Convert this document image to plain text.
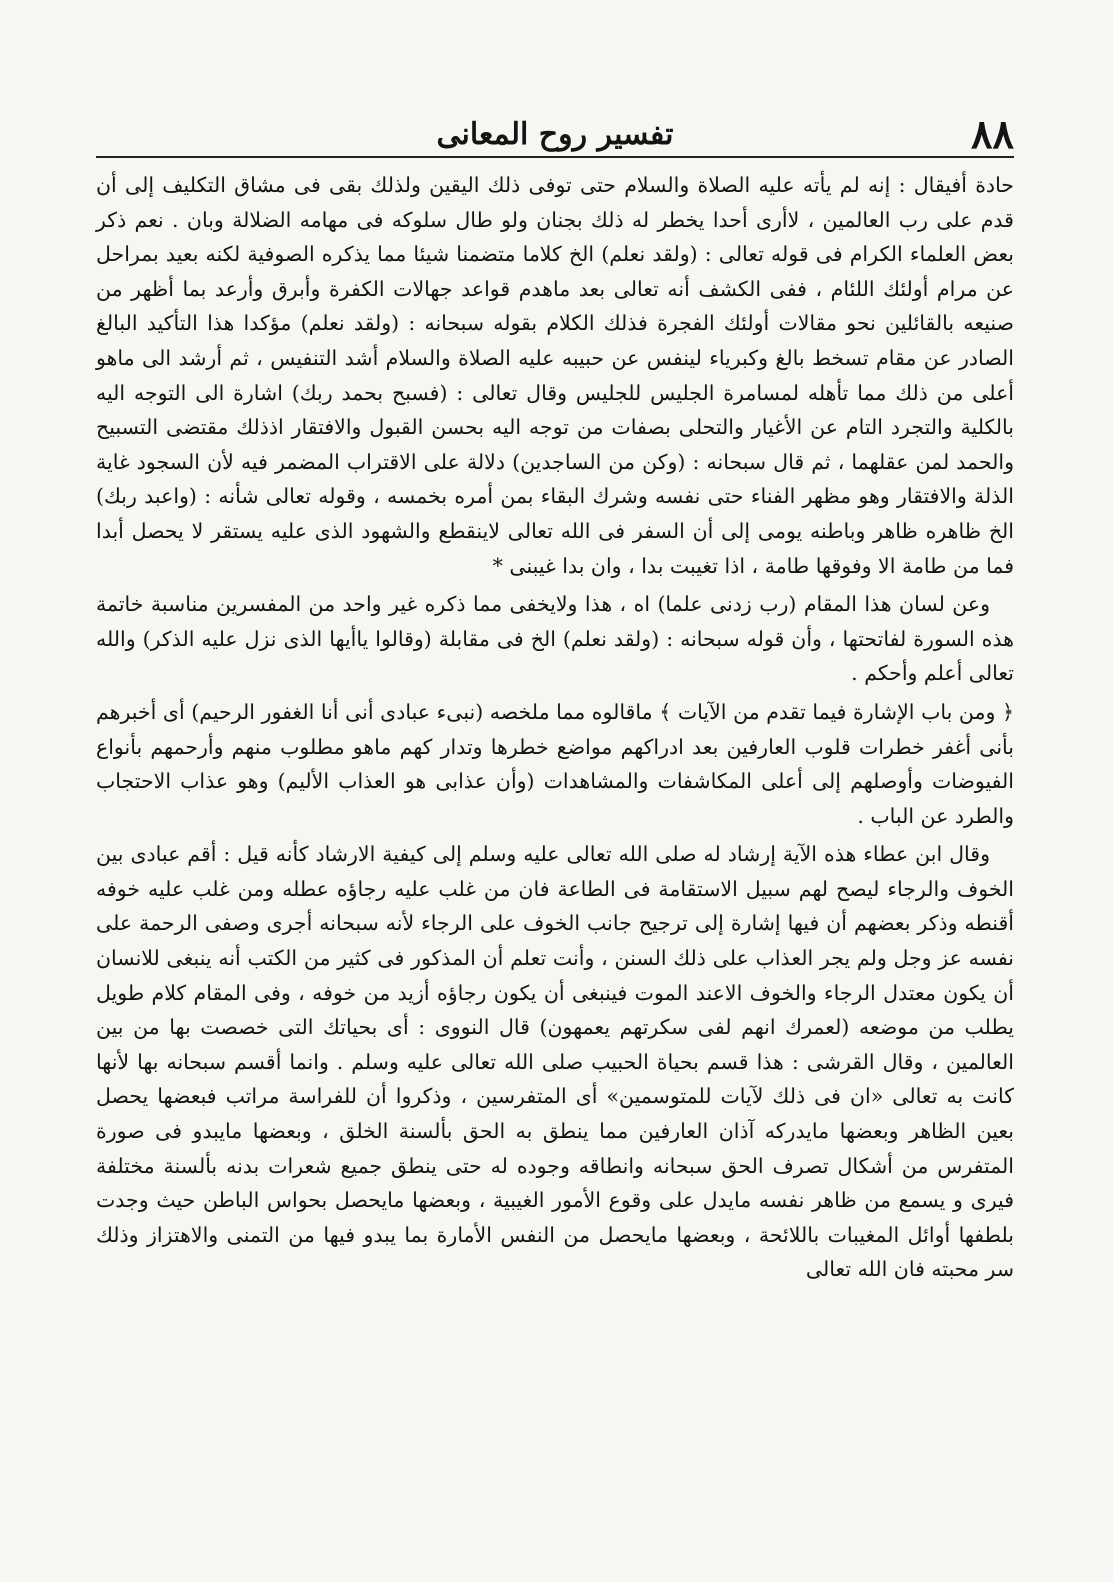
٨٨
تفسير روح المعانى

حادة أفيقال : إنه لم يأته عليه الصلاة والسلام حتى توفى ذلك اليقين ولذلك بقى فى مشاق التكليف إلى أن قدم على رب العالمين ، لاأرى أحدا يخطر له ذلك بجنان ولو طال سلوكه فى مهامه الضلالة وبان . نعم ذكر بعض العلماء الكرام فى قوله تعالى : (ولقد نعلم) الخ كلاما متضمنا شيئا مما يذكره الصوفية لكنه بعيد بمراحل عن مرام أولئك اللئام ، ففى الكشف أنه تعالى بعد ماهدم قواعد جهالات الكفرة وأبرق وأرعد بما أظهر من صنيعه بالقائلين نحو مقالات أولئك الفجرة فذلك الكلام بقوله سبحانه : (ولقد نعلم) مؤكدا هذا التأكيد البالغ الصادر عن مقام تسخط بالغ وكبرياء لينفس عن حبيبه عليه الصلاة والسلام أشد التنفيس ، ثم أرشد الى ماهو أعلى من ذلك مما تأهله لمسامرة الجليس للجليس وقال تعالى : (فسبح بحمد ربك) اشارة الى التوجه اليه بالكلية والتجرد التام عن الأغيار والتحلى بصفات من توجه اليه بحسن القبول والافتقار اذذلك مقتضى التسبيح والحمد لمن عقلهما ، ثم قال سبحانه : (وكن من الساجدين) دلالة على الاقتراب المضمر فيه لأن السجود غاية الذلة والافتقار وهو مظهر الفناء حتى نفسه وشرك البقاء بمن أمره بخمسه ، وقوله تعالى شأنه : (واعبد ربك) الخ ظاهره ظاهر وباطنه يومى إلى أن السفر فى الله تعالى لاينقطع والشهود الذى عليه يستقر لا يحصل أبدا فما من طامة الا وفوقها طامة ، اذا تغيبت بدا ، وان بدا غيبنى *

وعن لسان هذا المقام (رب زدنى علما) اه ، هذا ولايخفى مما ذكره غير واحد من المفسرين مناسبة خاتمة هذه السورة لفاتحتها ، وأن قوله سبحانه : (ولقد نعلم) الخ فى مقابلة (وقالوا ياأيها الذى نزل عليه الذكر) والله تعالى أعلم وأحكم .

﴿ ومن باب الإشارة فيما تقدم من الآيات ﴾ ماقالوه مما ملخصه (نبىء عبادى أنى أنا الغفور الرحيم) أى أخبرهم بأنى أغفر خطرات قلوب العارفين بعد ادراكهم مواضع خطرها وتدار كهم ماهو مطلوب منهم وأرحمهم بأنواع الفيوضات وأوصلهم إلى أعلى المكاشفات والمشاهدات (وأن عذابى هو العذاب الأليم) وهو عذاب الاحتجاب والطرد عن الباب .

وقال ابن عطاء هذه الآية إرشاد له صلى الله تعالى عليه وسلم إلى كيفية الارشاد كأنه قيل : أقم عبادى بين الخوف والرجاء ليصح لهم سبيل الاستقامة فى الطاعة فان من غلب عليه رجاؤه عطله ومن غلب عليه خوفه أقنطه وذكر بعضهم أن فيها إشارة إلى ترجيح جانب الخوف على الرجاء لأنه سبحانه أجرى وصفى الرحمة على نفسه عز وجل ولم يجر العذاب على ذلك السنن ، وأنت تعلم أن المذكور فى كثير من الكتب أنه ينبغى للانسان أن يكون معتدل الرجاء والخوف الاعند الموت فينبغى أن يكون رجاؤه أزيد من خوفه ، وفى المقام كلام طويل يطلب من موضعه (لعمرك انهم لفى سكرتهم يعمهون) قال النووى : أى بحياتك التى خصصت بها من بين العالمين ، وقال القرشى : هذا قسم بحياة الحبيب صلى الله تعالى عليه وسلم . وانما أقسم سبحانه بها لأنها كانت به تعالى «ان فى ذلك لآيات للمتوسمين» أى المتفرسين ، وذكروا أن للفراسة مراتب فبعضها يحصل بعين الظاهر وبعضها مايدركه آذان العارفين مما ينطق به الحق بألسنة الخلق ، وبعضها مايبدو فى صورة المتفرس من أشكال تصرف الحق سبحانه وانطاقه وجوده له حتى ينطق جميع شعرات بدنه بألسنة مختلفة فيرى و يسمع من ظاهر نفسه مايدل على وقوع الأمور الغيبية ، وبعضها مايحصل بحواس الباطن حيث وجدت بلطفها أوائل المغيبات باللائحة ، وبعضها مايحصل من النفس الأمارة بما يبدو فيها من التمنى والاهتزاز وذلك سر محبته فان الله تعالى
